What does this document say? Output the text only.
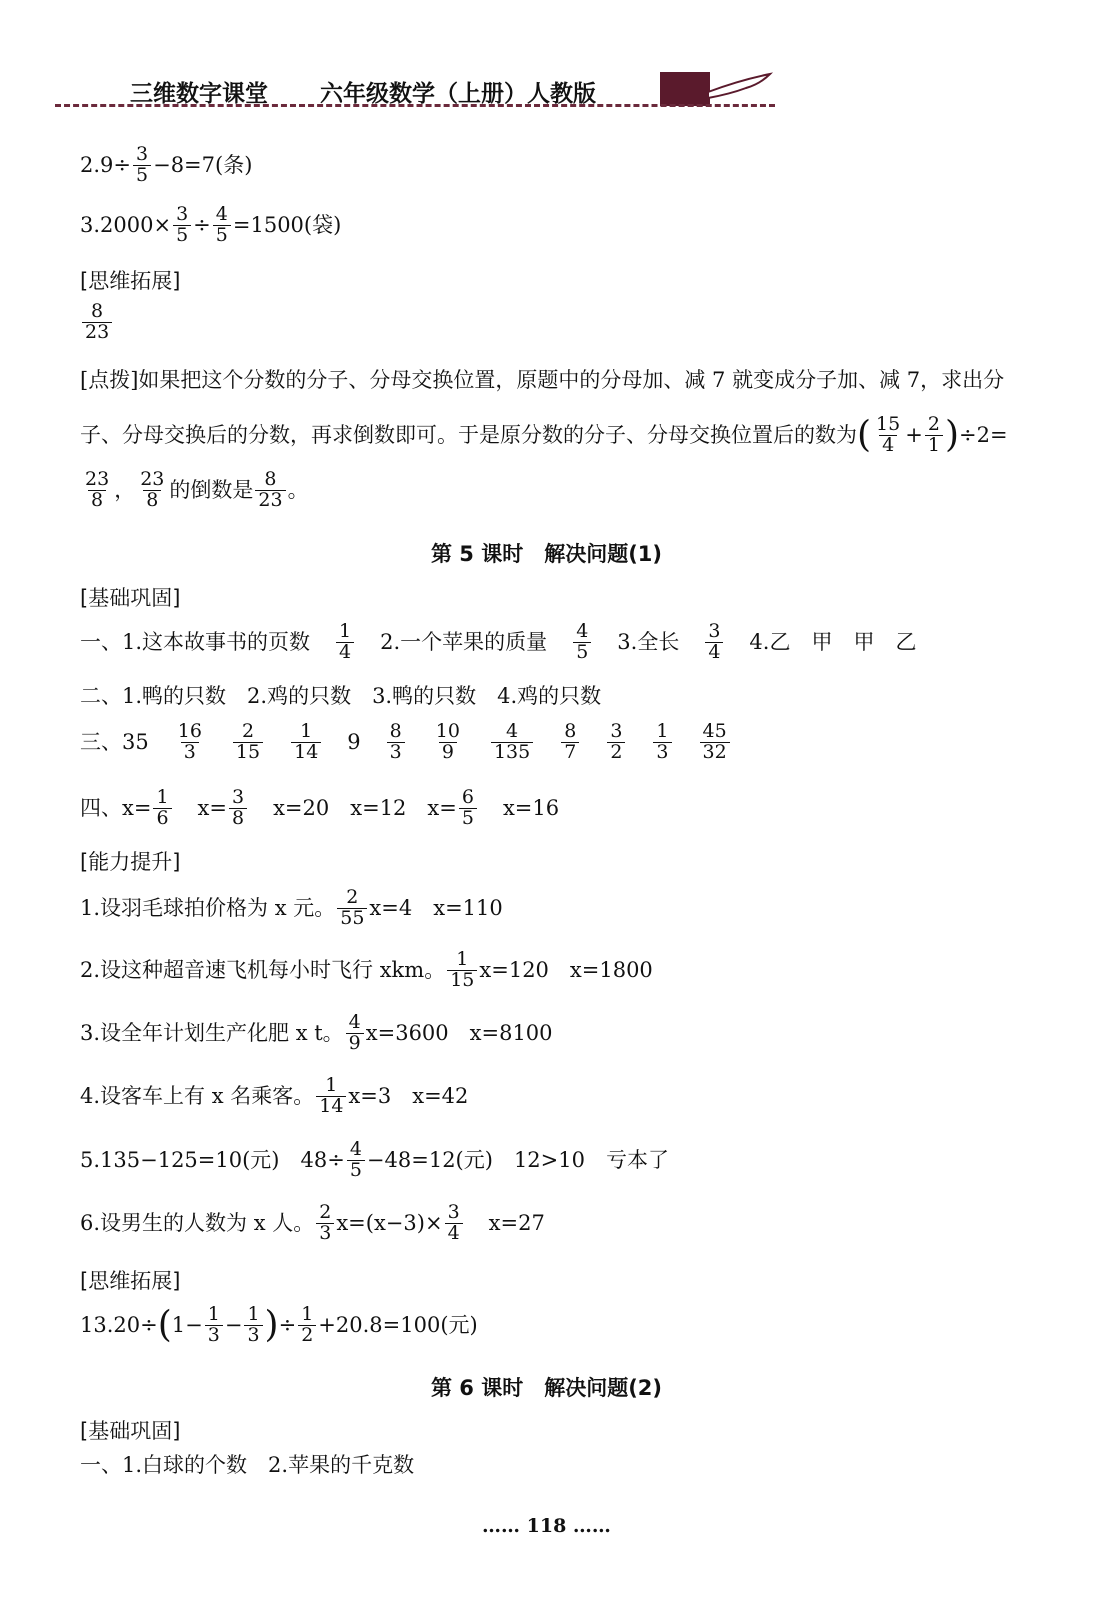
三维数字课堂 六年级数学（上册）人教版
$2.9\div \frac{3}{5} -8=7$(条)
$3.2000\times \frac{3}{5} \div \frac{4}{5} =1500$(袋)
[思维拓展]
$\frac{8}{23}$
[点拨]如果把这个分数的分子、分母交换位置，原题中的分母加、减 7 就变成分子加、减 7，求出分
子、分母交换后的分数，再求倒数即可。于是原分数的分子、分母交换位置后的数为( $\frac{15}{4} + \frac{2}{1} )\div 2=$
$\frac{23}{8}$ ， $\frac{23}{8}$ 的倒数是 $\frac{8}{23}$ 。
第 5 课时　解决问题(1)
[基础巩固]
一、1.这本故事书的页数 $\frac{1}{4} 2$.一个苹果的质量 $\frac{4}{5} 3$.全长 $\frac{3}{4} 4$.乙　甲　甲　乙
二、1.鸭的只数　2.鸡的只数　3.鸭的只数　4.鸡的只数
三、$35 \frac{16}{3} \frac{2}{15} \frac{1}{14} 9 \frac{8}{3} \frac{10}{9} \frac{4}{135} \frac{8}{7} \frac{3}{2} \frac{1}{3} \frac{45}{32}$
四、$x= \frac{1}{6} x= \frac{3}{8} x=20$　x=12　$x= \frac{6}{5} x=16$
[能力提升]
1.设羽毛球拍价格为 x 元。 $\frac{2}{55} x=4$　x=110
2.设这种超音速飞机每小时飞行 xkm。 $\frac{1}{15} x=120$　x=1800
3.设全年计划生产化肥 x t。 $\frac{4}{9} x=3600$　x=8100
4.设客车上有 x 名乘客。 $\frac{1}{14} x=3$　x=42
5.135−125=10(元)　$48\div \frac{4}{5} -48=12$(元)　12>10　亏本了
6.设男生的人数为 x 人。 $\frac{2}{3} x=(x-3)\times \frac{3}{4} x=27$
[思维拓展]
$13.20\div(1- \frac{1}{3} - \frac{1}{3}$ )÷ $\frac{1}{2} +20.8=100$(元)
第 6 课时　解决问题(2)
[基础巩固]
一、1.白球的个数　2.苹果的千克数
…… 118 ……
